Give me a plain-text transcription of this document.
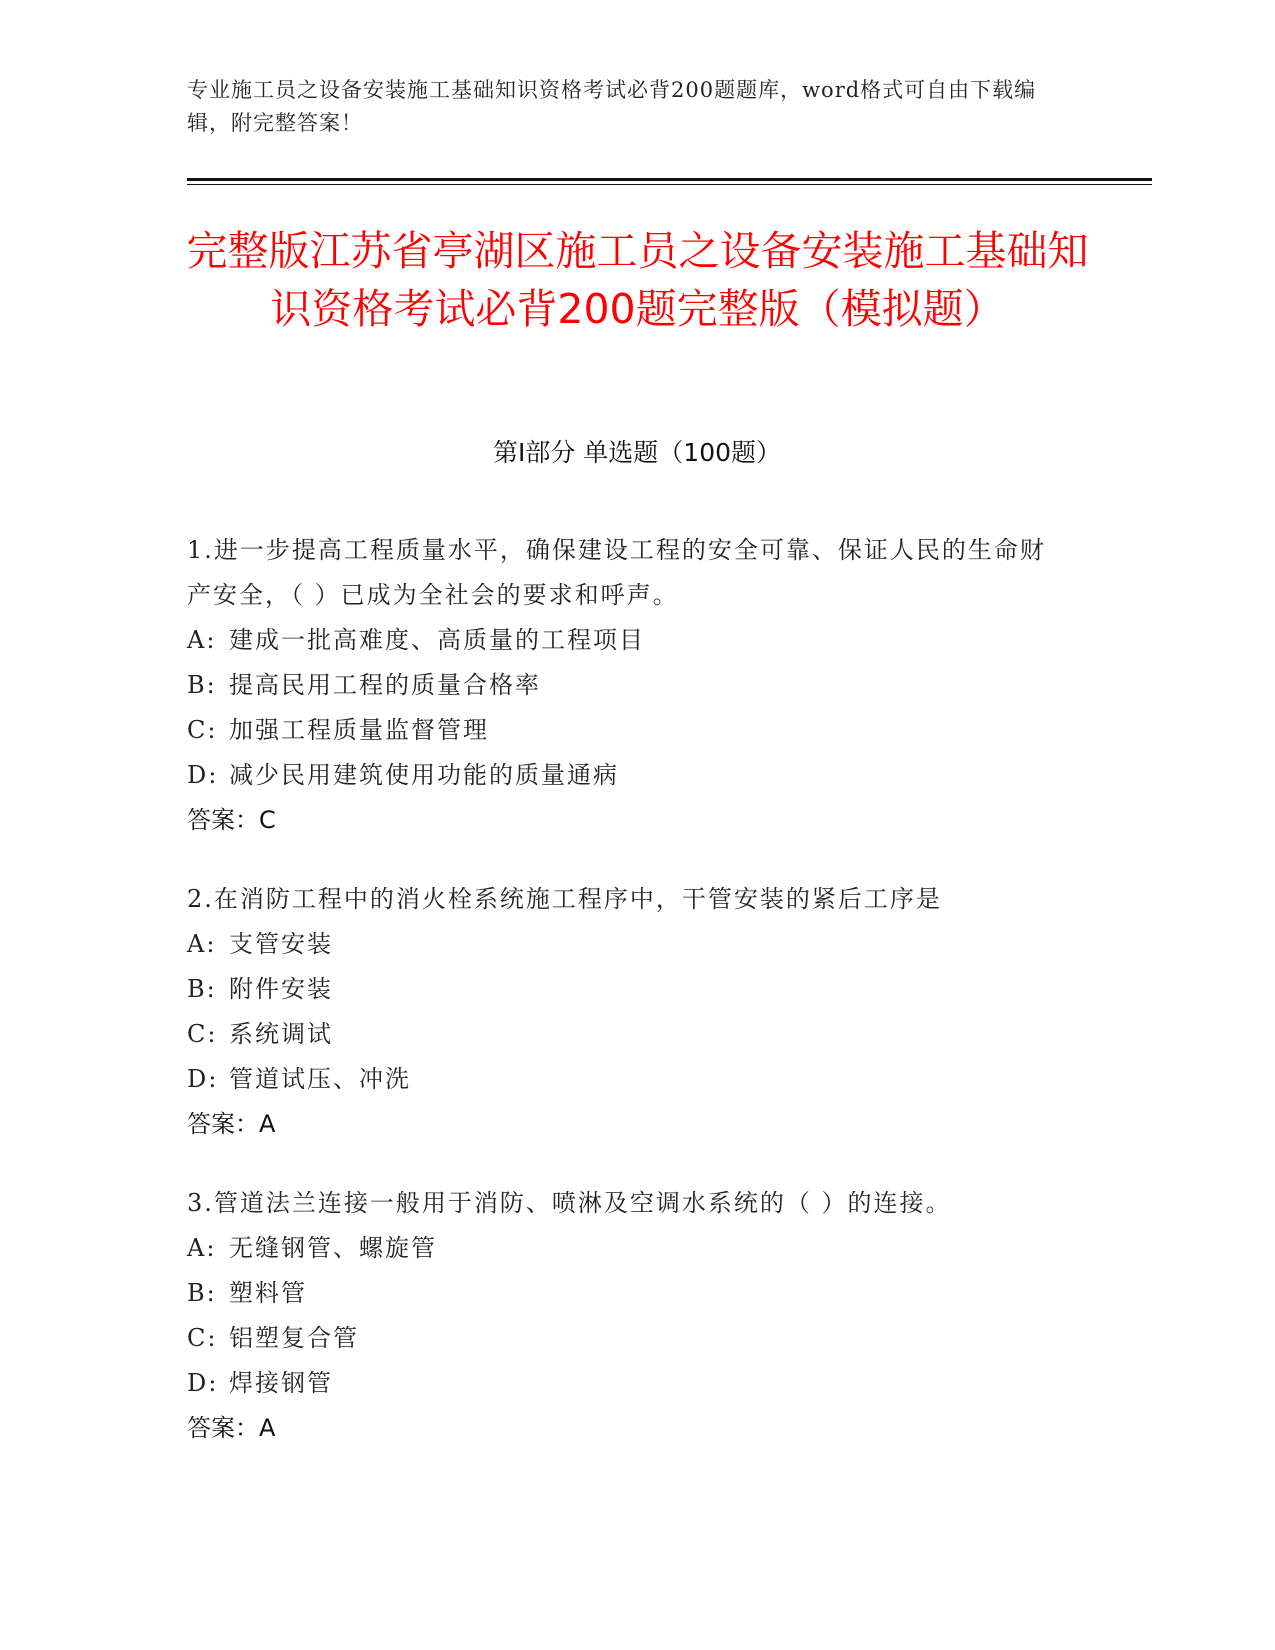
专业施工员之设备安装施工基础知识资格考试必背200题题库，word格式可自由下载编辑，附完整答案！
完整版江苏省亭湖区施工员之设备安装施工基础知识资格考试必背200题完整版（模拟题）
第I部分 单选题（100题）
1.进一步提高工程质量水平，确保建设工程的安全可靠、保证人民的生命财产安全，（ ）已成为全社会的要求和呼声。
A: 建成一批高难度、高质量的工程项目
B: 提高民用工程的质量合格率
C: 加强工程质量监督管理
D: 减少民用建筑使用功能的质量通病
答案：C
2.在消防工程中的消火栓系统施工程序中，干管安装的紧后工序是
A: 支管安装
B: 附件安装
C: 系统调试
D: 管道试压、冲洗
答案：A
3.管道法兰连接一般用于消防、喷淋及空调水系统的（ ）的连接。
A: 无缝钢管、螺旋管
B: 塑料管
C: 铝塑复合管
D: 焊接钢管
答案：A
